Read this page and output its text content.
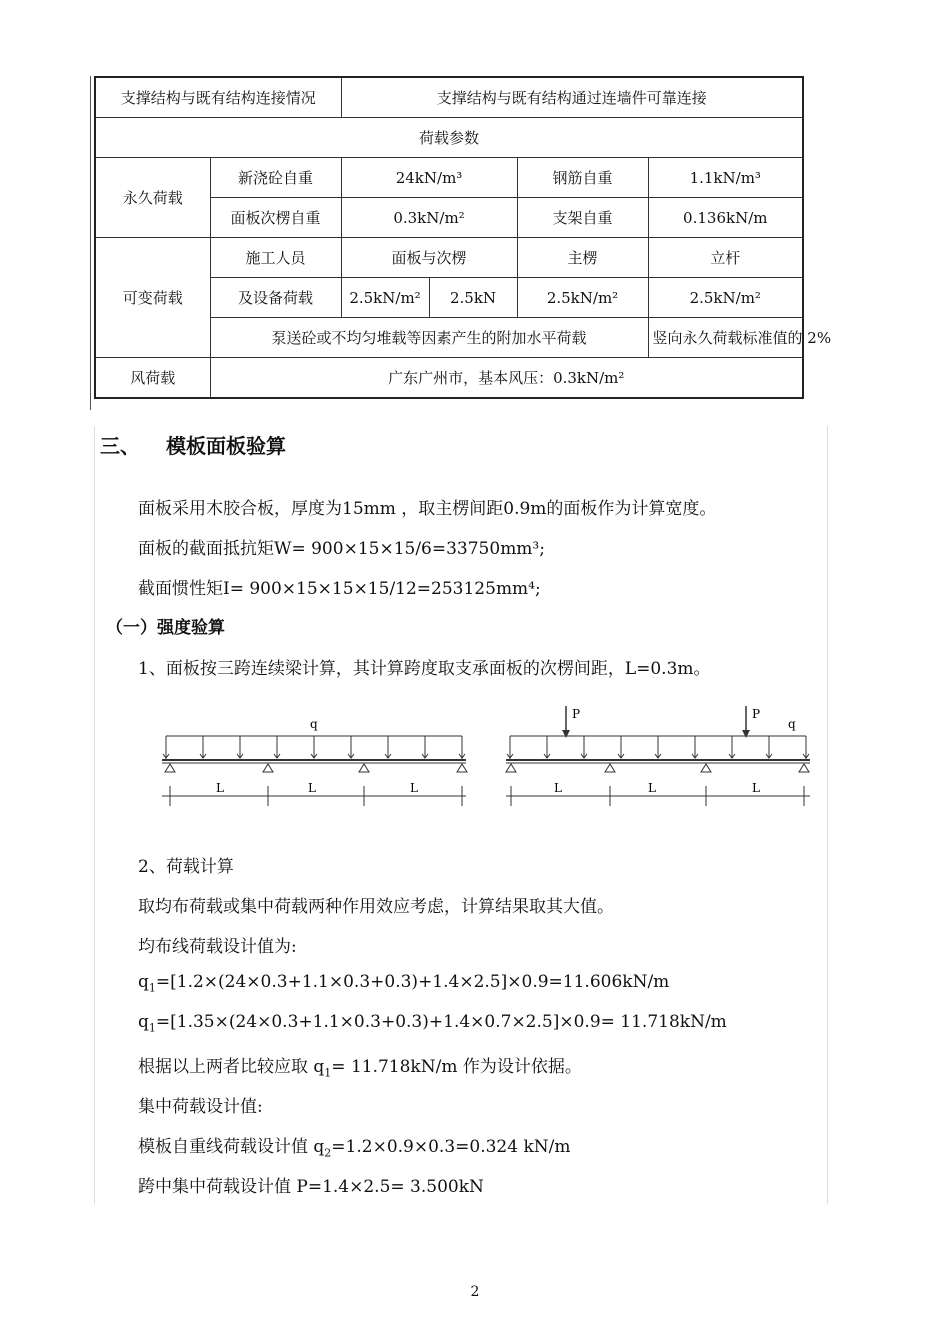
支撑结构与既有结构连接情况		支撑结构与既有结构通过连墙件可靠连接		
荷载参数				
永久荷载	新浇砼自重	24kN/m³	钢筋自重	1.1kN/m³
	面板次楞自重	0.3kN/m²	支架自重	0.136kN/m
可变荷载	施工人员	面板与次楞	主楞	立杆
	及设备荷载	2.5kN/m² 2.5kN	2.5kN/m²	2.5kN/m²
	泵送砼或不均匀堆载等因素产生的附加水平荷载			竖向永久荷载标准值的 2%
风荷载	广东广州市，基本风压：0.3kN/m²			
三、 模板面板验算
面板采用木胶合板，厚度为15mm ，取主楞间距0.9m的面板作为计算宽度。
面板的截面抵抗矩W= 900×15×15/6=33750mm³;
截面惯性矩I= 900×15×15×15/12=253125mm⁴;
（一）强度验算
1、面板按三跨连续梁计算，其计算跨度取支承面板的次楞间距，L=0.3m。
q
L	L	L
P	P
q
L	L	L
2、荷载计算
取均布荷载或集中荷载两种作用效应考虑，计算结果取其大值。
均布线荷载设计值为:
$q_1=[1.2\times(24\times 0.3+1.1\times 0.3+0.3)+1.4\times 2.5]\times 0.9=11.606kN/m$
$q_1=[1.35\times(24\times 0.3+1.1\times 0.3+0.3)+1.4\times 0.7\times 2.5]\times 0.9= 11.718kN/m$
根据以上两者比较应取 $q_1= 11.718kN/m$ 作为设计依据。
集中荷载设计值:
模板自重线荷载设计值 $q_2=1.2\times 0.9\times 0.3=0.324$ kN/m
跨中集中荷载设计值 P=1.4×2.5= 3.500kN
2
